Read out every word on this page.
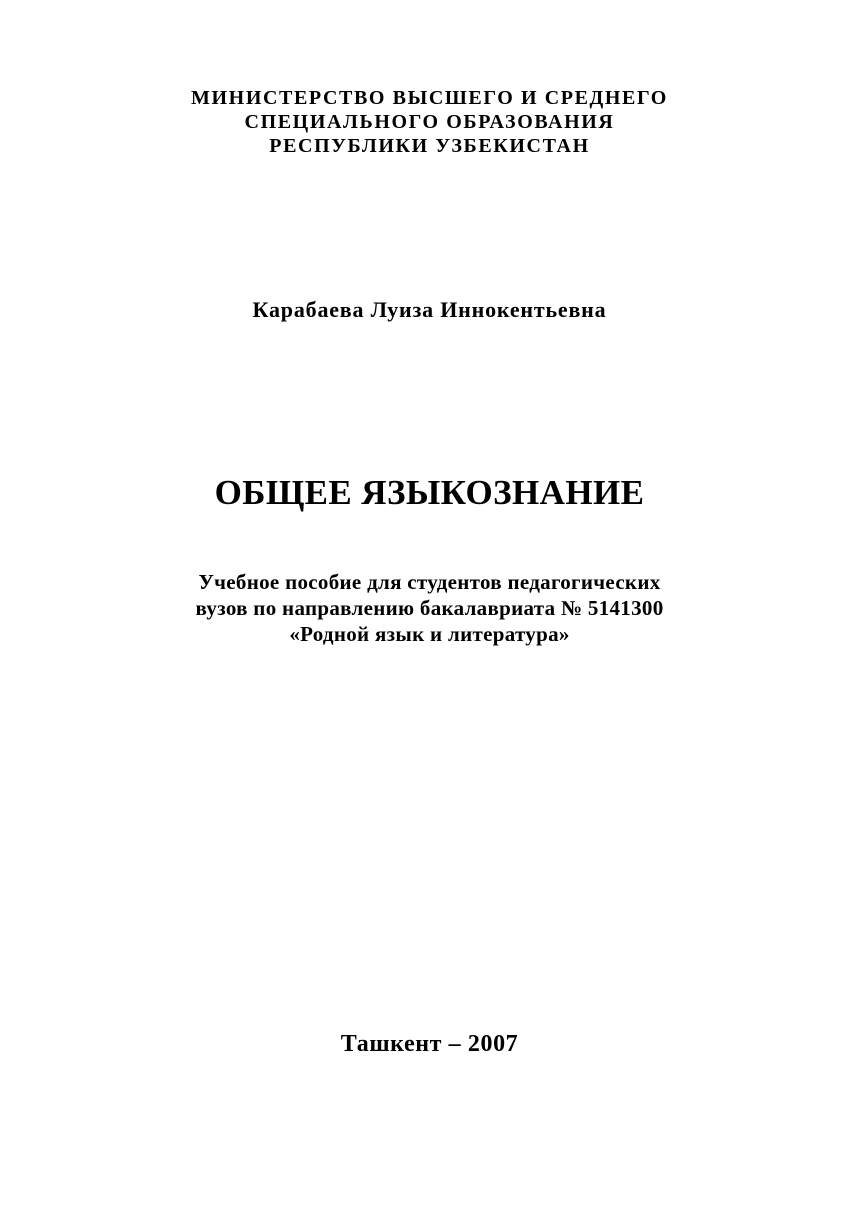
МИНИСТЕРСТВО ВЫСШЕГО И СРЕДНЕГО
СПЕЦИАЛЬНОГО ОБРАЗОВАНИЯ
РЕСПУБЛИКИ УЗБЕКИСТАН
Карабаева Луиза Иннокентьевна
ОБЩЕЕ ЯЗЫКОЗНАНИЕ
Учебное пособие для студентов педагогических
вузов по направлению бакалавриата № 5141300
«Родной язык и литература»
Ташкент – 2007
